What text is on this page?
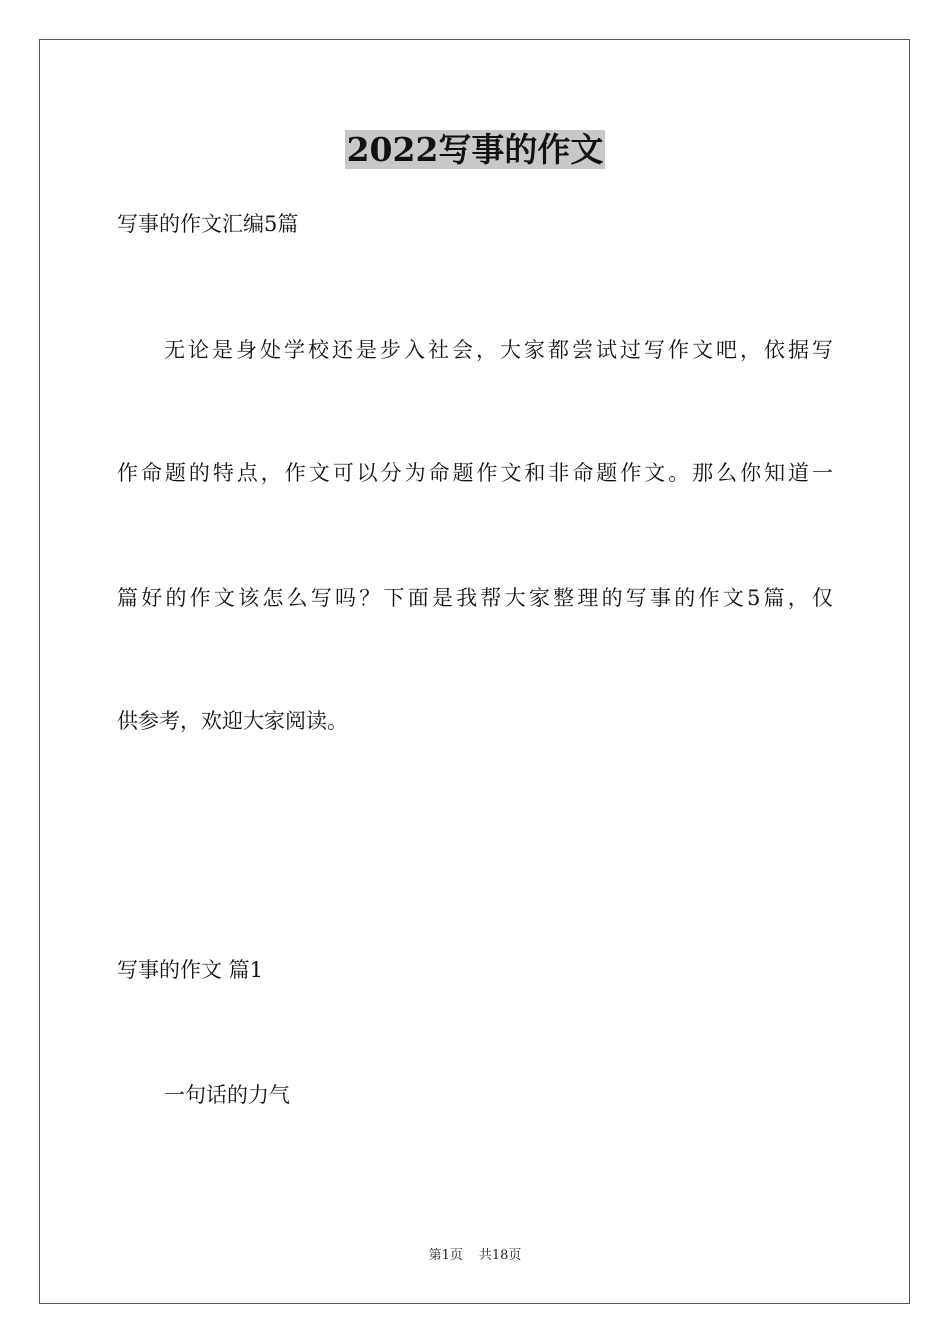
2022写事的作文
写事的作文汇编5篇
无论是身处学校还是步入社会，大家都尝试过写作文吧，依据写
作命题的特点，作文可以分为命题作文和非命题作文。那么你知道一
篇好的作文该怎么写吗？下面是我帮大家整理的写事的作文5篇，仅
供参考，欢迎大家阅读。
写事的作文 篇1
一句话的力气
第1页 共18页
